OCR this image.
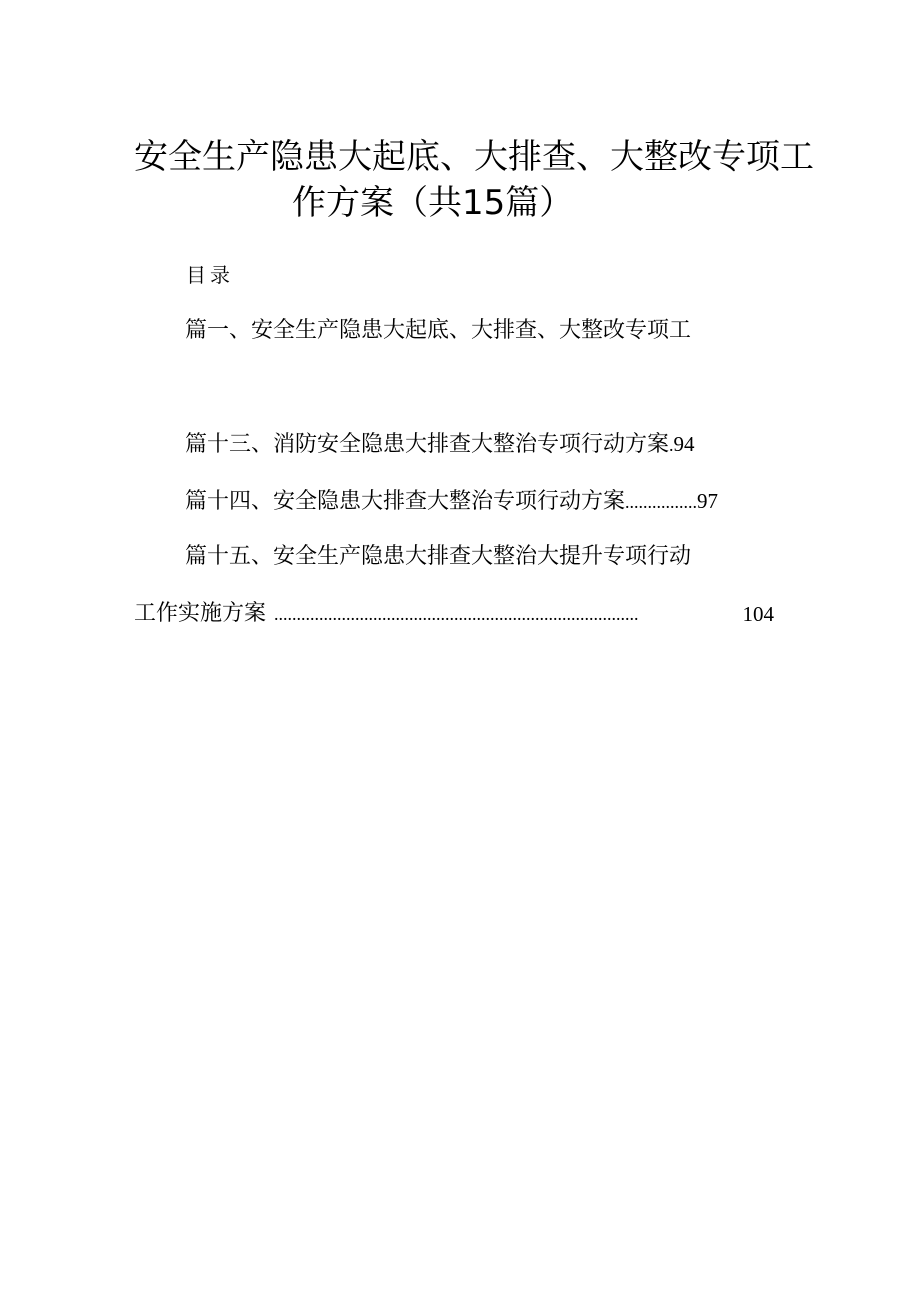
安全生产隐患大起底、大排查、大整改专项工
作方案（共15篇）
目录
篇一、安全生产隐患大起底、大排查、大整改专项工
篇十三、消防安全隐患大排查大整治专项行动方案.94
篇十四、安全隐患大排查大整治专项行动方案................97
篇十五、安全生产隐患大排查大整治大提升专项行动
工作实施方案 .................................................................................	104
